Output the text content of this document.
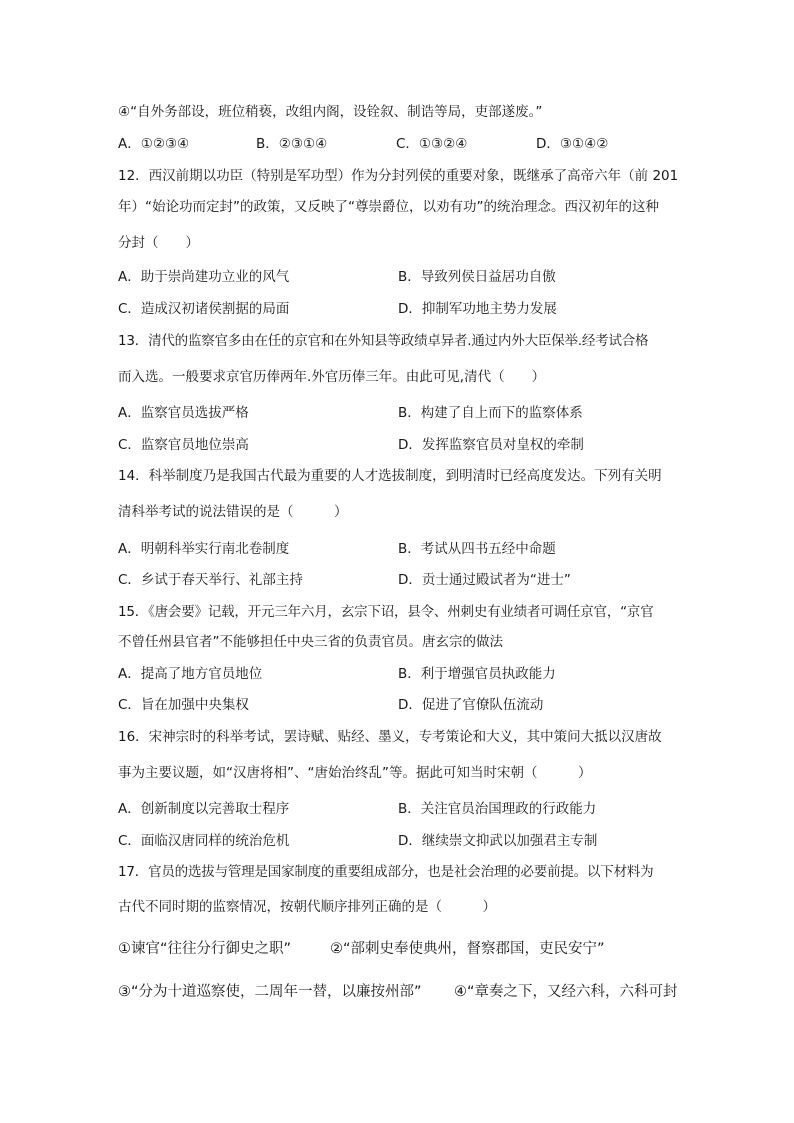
④“自外务部设，班位稍亵，改组内阁，设铨叙、制诰等局，吏部遂废。”
A．①②③④	B．②③①④	C．①③②④	D．③①④②
12．西汉前期以功臣（特别是军功型）作为分封列侯的重要对象，既继承了高帝六年（前 201
年）“始论功而定封”的政策，又反映了“尊崇爵位，以劝有功”的统治理念。西汉初年的这种
分封（　　）
A．助于崇尚建功立业的风气	B．导致列侯日益居功自傲
C．造成汉初诸侯割据的局面	D．抑制军功地主势力发展
13．清代的监察官多由在任的京官和在外知县等政绩卓异者.通过内外大臣保举.经考试合格
而入选。一般要求京官历俸两年.外官历俸三年。由此可见,清代（　　）
A．监察官员选拔严格	B．构建了自上而下的监察体系
C．监察官员地位崇高	D．发挥监察官员对皇权的牵制
14．科举制度乃是我国古代最为重要的人才选拔制度，到明清时已经高度发达。下列有关明
清科举考试的说法错误的是（　　　）
A．明朝科举实行南北卷制度	B．考试从四书五经中命题
C．乡试于春天举行、礼部主持	D．贡士通过殿试者为“进士”
15．《唐会要》记载，开元三年六月，玄宗下诏，县令、州刺史有业绩者可调任京官，“京官
不曾任州县官者”不能够担任中央三省的负责官员。唐玄宗的做法
A．提高了地方官员地位	B．利于增强官员执政能力
C．旨在加强中央集权	D．促进了官僚队伍流动
16．宋神宗时的科举考试，罢诗赋、贴经、墨义，专考策论和大义，其中策问大抵以汉唐故
事为主要议题，如“汉唐将相”、“唐始治终乱”等。据此可知当时宋朝（　　　）
A．创新制度以完善取士程序	B．关注官员治国理政的行政能力
C．面临汉唐同样的统治危机	D．继续崇文抑武以加强君主专制
17．官员的选拔与管理是国家制度的重要组成部分，也是社会治理的必要前提。以下材料为
古代不同时期的监察情况，按朝代顺序排列正确的是（　　　）
①谏官“往往分行御史之职”	②“部刺史奉使典州，督察郡国，吏民安宁”
③“分为十道巡察使，二周年一替，以廉按州部” ④“章奏之下，又经六科，六科可封
